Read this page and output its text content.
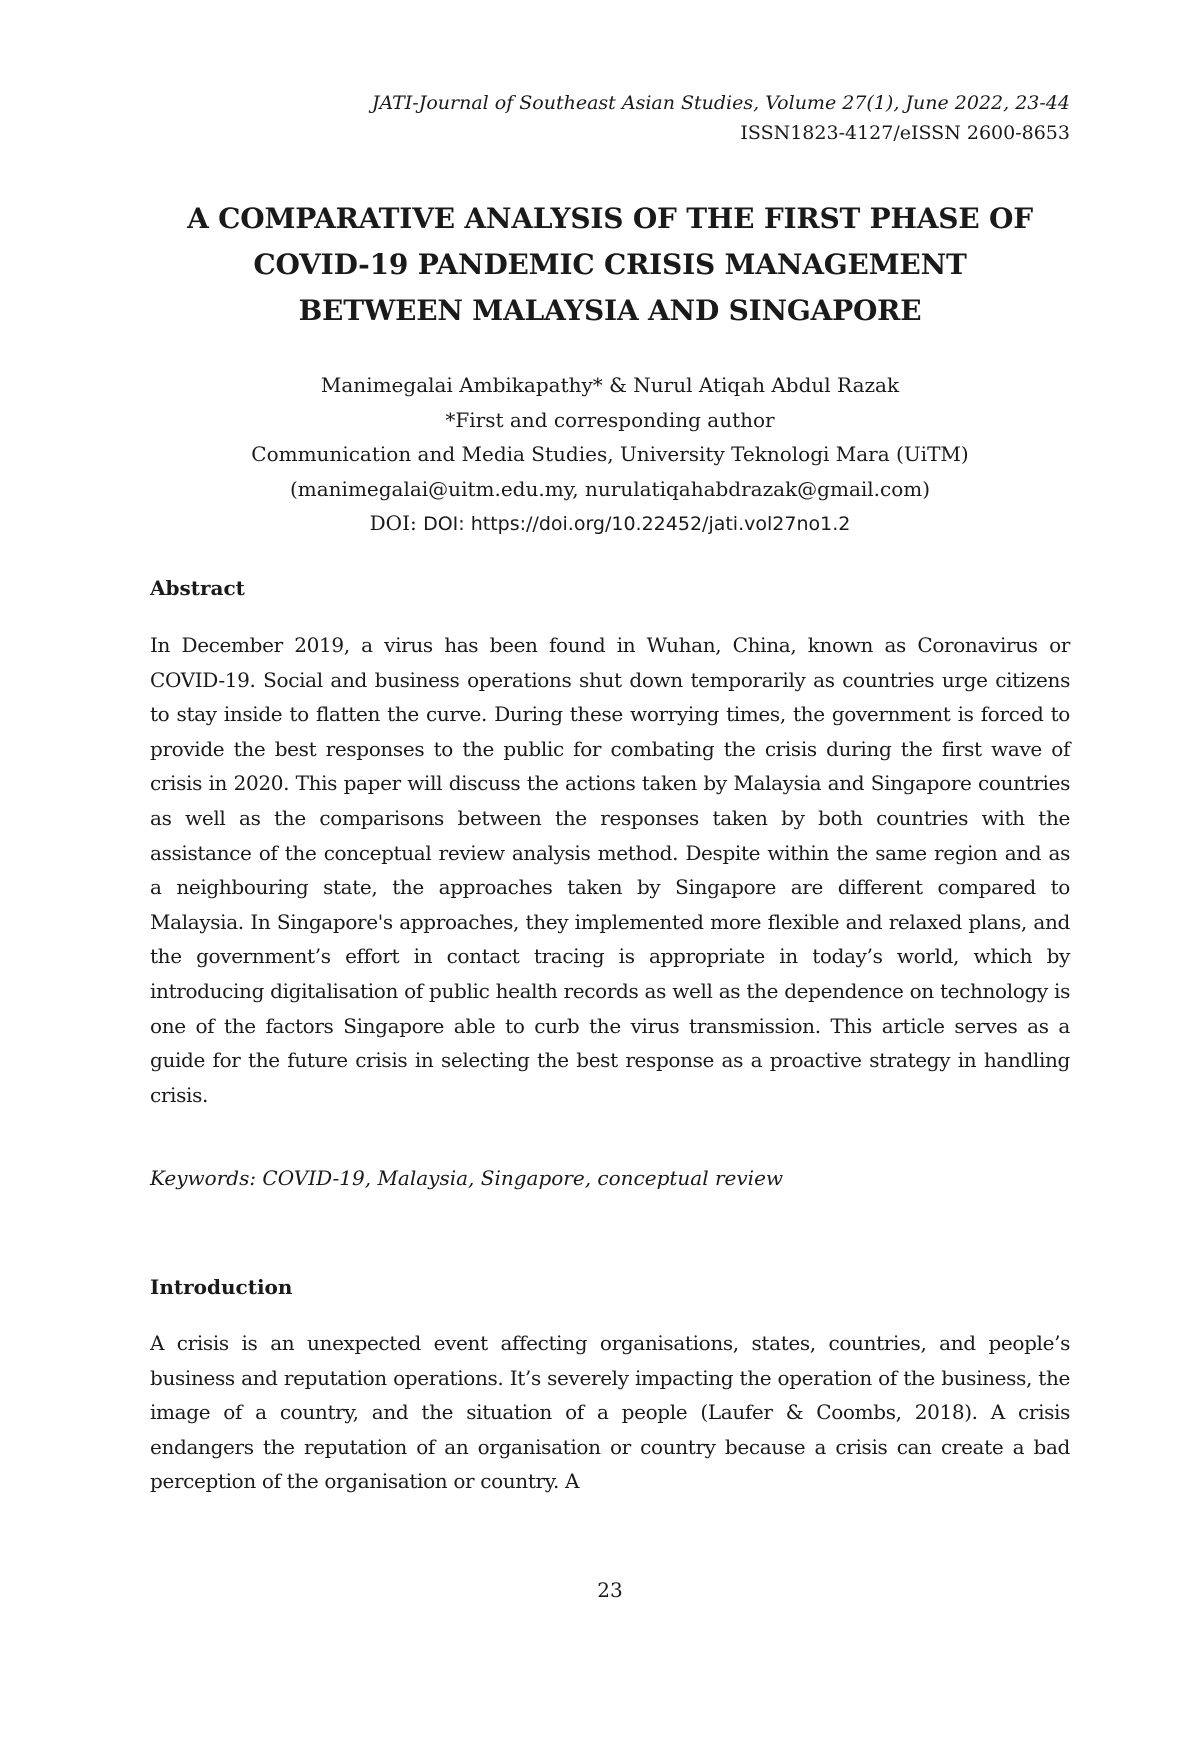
JATI-Journal of Southeast Asian Studies, Volume 27(1), June 2022, 23-44
ISSN1823-4127/eISSN 2600-8653
A COMPARATIVE ANALYSIS OF THE FIRST PHASE OF
COVID-19 PANDEMIC CRISIS MANAGEMENT
BETWEEN MALAYSIA AND SINGAPORE
Manimegalai Ambikapathy* & Nurul Atiqah Abdul Razak
*First and corresponding author
Communication and Media Studies, University Teknologi Mara (UiTM)
(manimegalai@uitm.edu.my, nurulatiqahabdrazak@gmail.com)
DOI: DOI: https://doi.org/10.22452/jati.vol27no1.2
Abstract

In December 2019, a virus has been found in Wuhan, China, known as Coronavirus or COVID-19. Social and business operations shut down temporarily as countries urge citizens to stay inside to flatten the curve. During these worrying times, the government is forced to provide the best responses to the public for combating the crisis during the first wave of crisis in 2020. This paper will discuss the actions taken by Malaysia and Singapore countries as well as the comparisons between the responses taken by both countries with the assistance of the conceptual review analysis method. Despite within the same region and as a neighbouring state, the approaches taken by Singapore are different compared to Malaysia. In Singapore's approaches, they implemented more flexible and relaxed plans, and the government’s effort in contact tracing is appropriate in today’s world, which by introducing digitalisation of public health records as well as the dependence on technology is one of the factors Singapore able to curb the virus transmission. This article serves as a guide for the future crisis in selecting the best response as a proactive strategy in handling crisis.

Keywords: COVID-19, Malaysia, Singapore, conceptual review

Introduction

A crisis is an unexpected event affecting organisations, states, countries, and people’s business and reputation operations. It’s severely impacting the operation of the business, the image of a country, and the situation of a people (Laufer & Coombs, 2018). A crisis endangers the reputation of an organisation or country because a crisis can create a bad perception of the organisation or country. A

23
